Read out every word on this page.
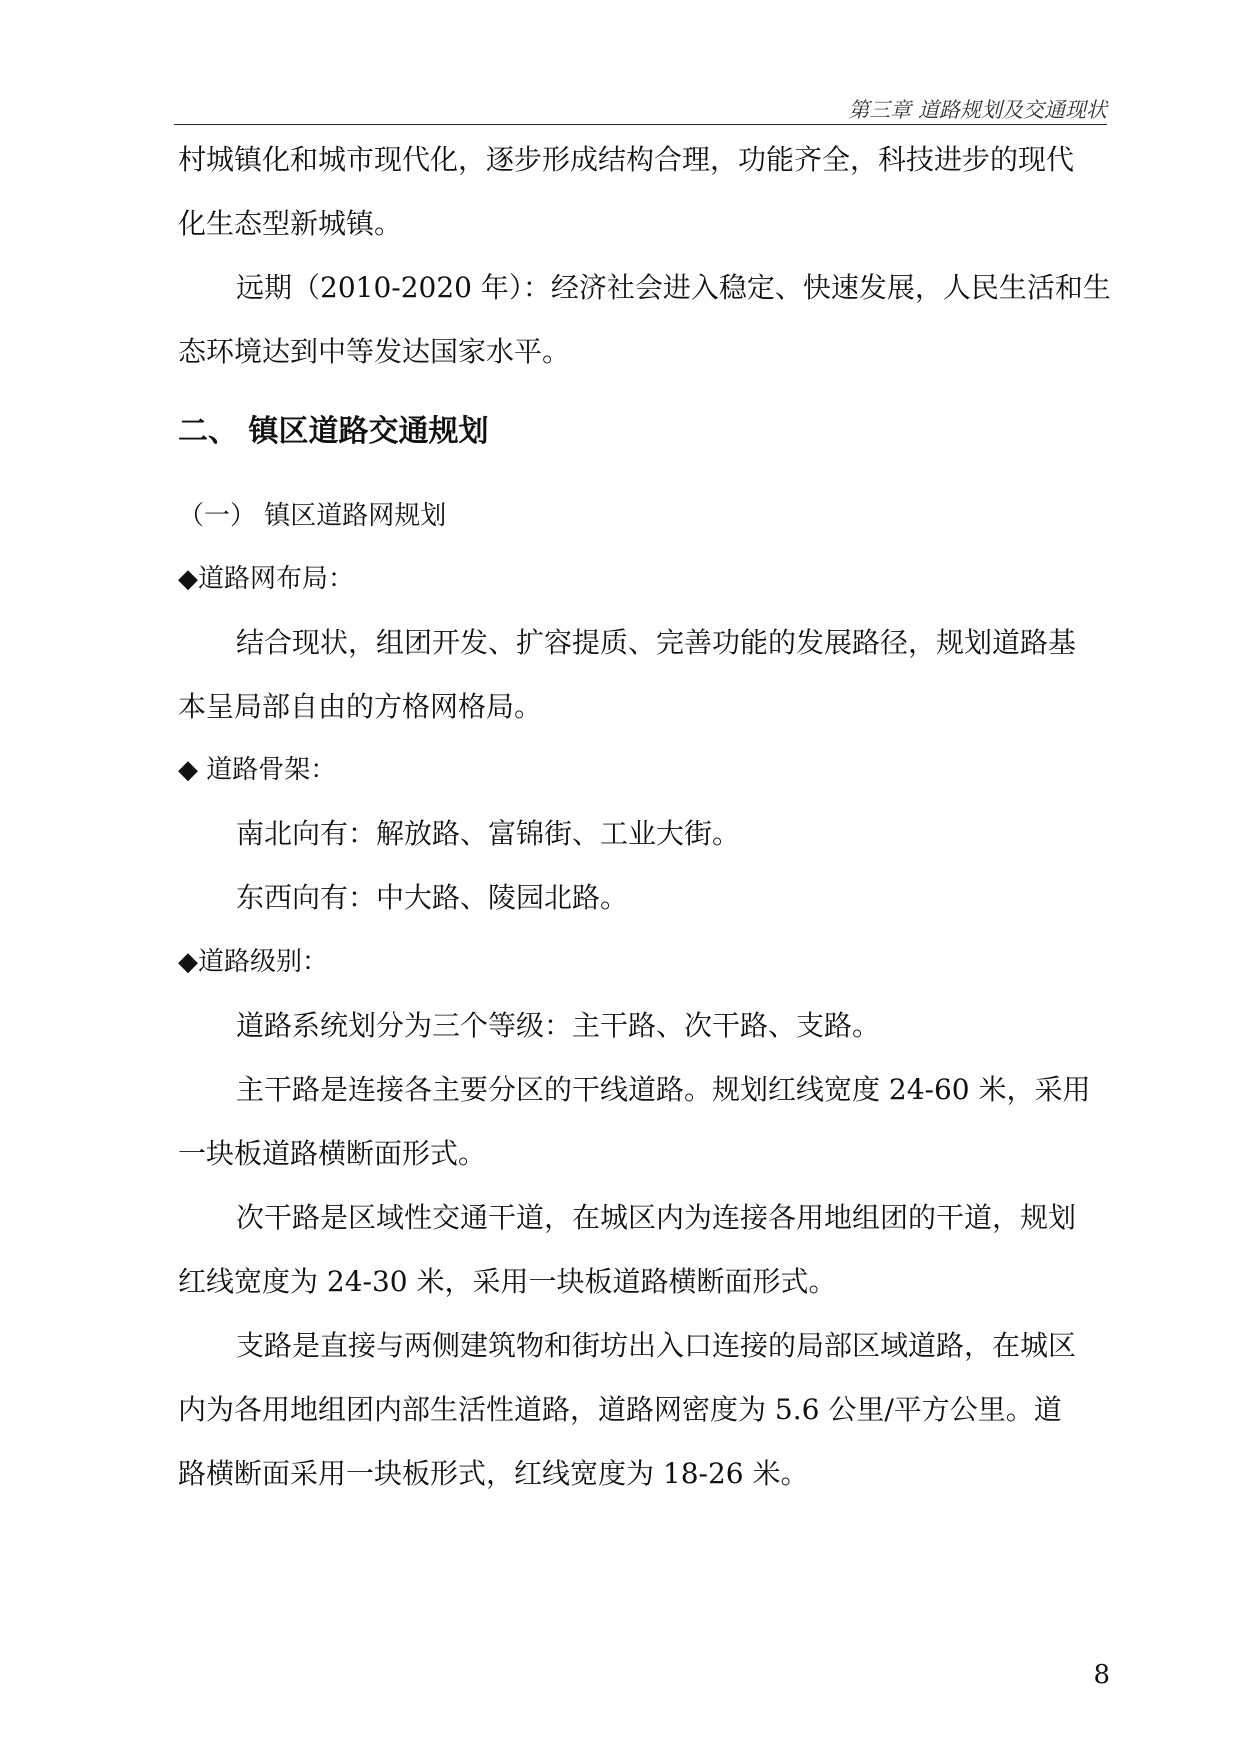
第三章 道路规划及交通现状
村城镇化和城市现代化，逐步形成结构合理，功能齐全，科技进步的现代
化生态型新城镇。
远期（2010-2020 年）：经济社会进入稳定、快速发展，人民生活和生
态环境达到中等发达国家水平。
二、 镇区道路交通规划
（一） 镇区道路网规划
◆道路网布局：
结合现状，组团开发、扩容提质、完善功能的发展路径，规划道路基
本呈局部自由的方格网格局。
◆ 道路骨架：
南北向有：解放路、富锦街、工业大街。
东西向有：中大路、陵园北路。
◆道路级别：
道路系统划分为三个等级：主干路、次干路、支路。
主干路是连接各主要分区的干线道路。规划红线宽度 24-60 米，采用
一块板道路横断面形式。
次干路是区域性交通干道，在城区内为连接各用地组团的干道，规划
红线宽度为 24-30 米，采用一块板道路横断面形式。
支路是直接与两侧建筑物和街坊出入口连接的局部区域道路，在城区
内为各用地组团内部生活性道路，道路网密度为 5.6 公里/平方公里。道
路横断面采用一块板形式，红线宽度为 18-26 米。
8
